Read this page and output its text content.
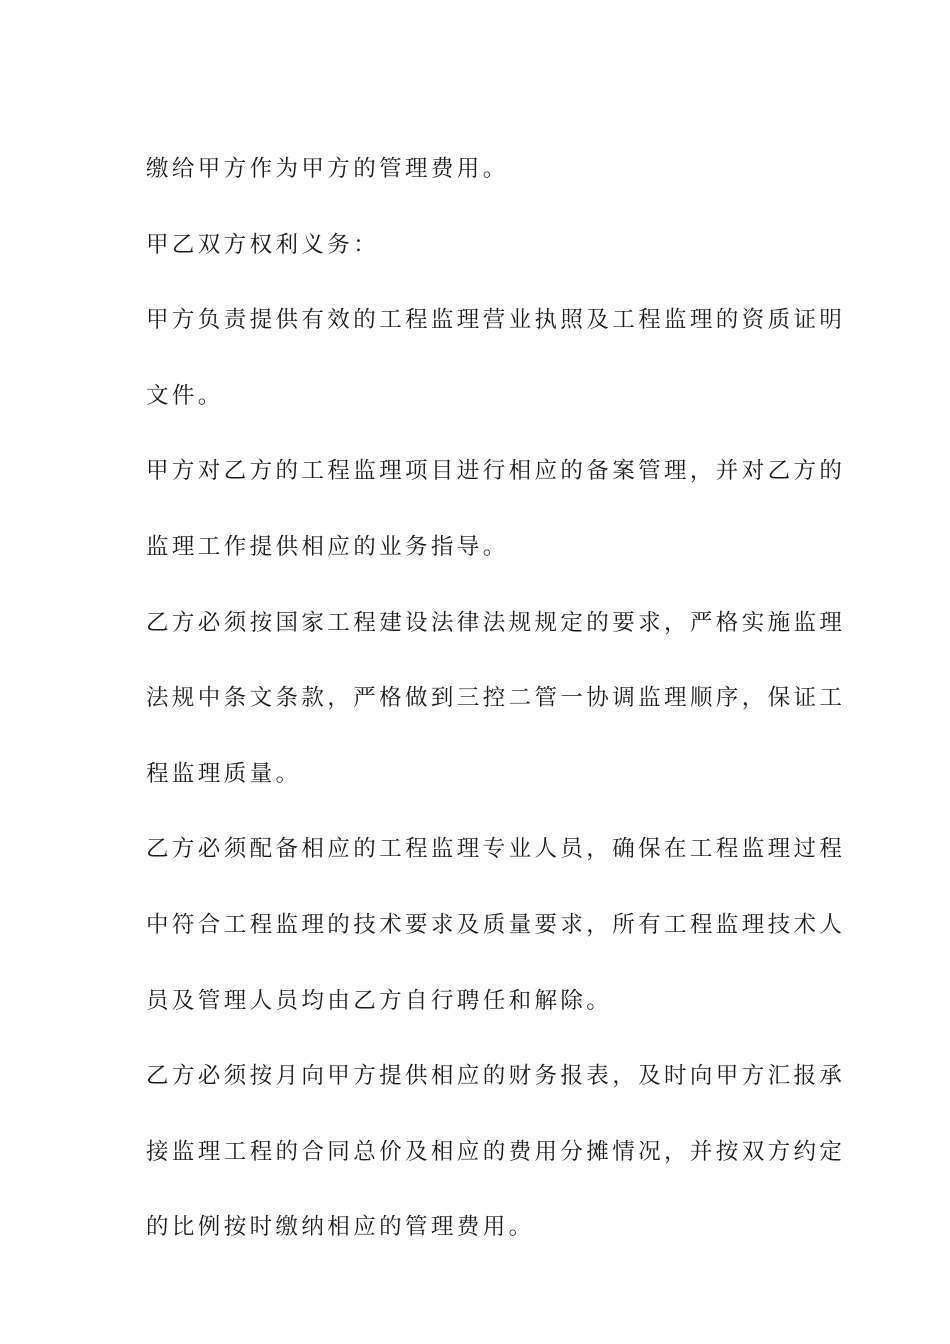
缴给甲方作为甲方的管理费用。

甲乙双方权利义务：

甲方负责提供有效的工程监理营业执照及工程监理的资质证明

文件。

甲方对乙方的工程监理项目进行相应的备案管理，并对乙方的

监理工作提供相应的业务指导。

乙方必须按国家工程建设法律法规规定的要求，严格实施监理

法规中条文条款，严格做到三控二管一协调监理顺序，保证工

程监理质量。

乙方必须配备相应的工程监理专业人员，确保在工程监理过程

中符合工程监理的技术要求及质量要求，所有工程监理技术人

员及管理人员均由乙方自行聘任和解除。

乙方必须按月向甲方提供相应的财务报表，及时向甲方汇报承

接监理工程的合同总价及相应的费用分摊情况，并按双方约定

的比例按时缴纳相应的管理费用。
